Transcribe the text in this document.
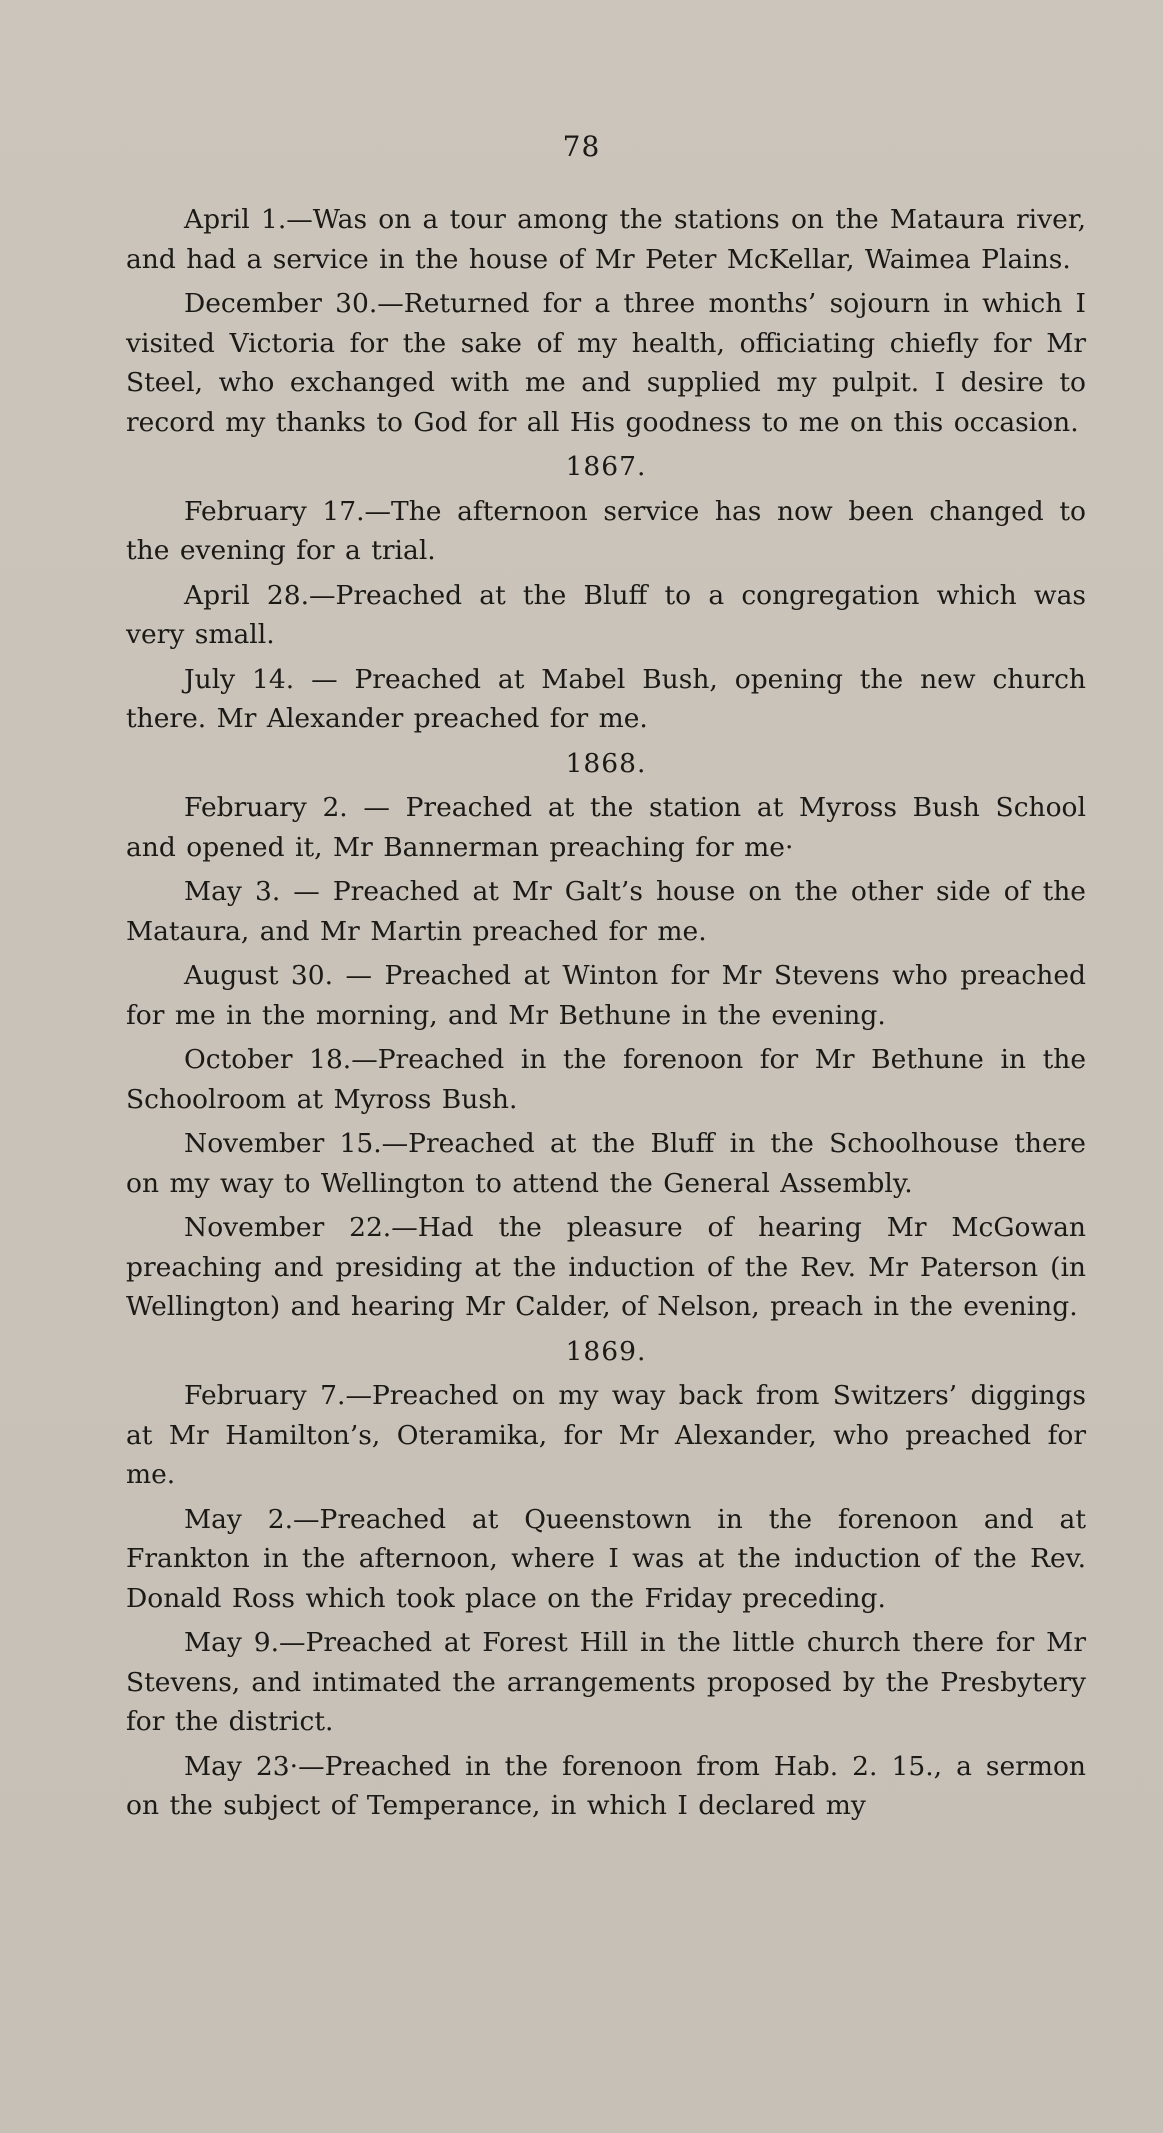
78

April 1.—Was on a tour among the stations on the Mataura river, and had a service in the house of Mr Peter McKellar, Waimea Plains.

December 30.—Returned for a three months’ sojourn in which I visited Victoria for the sake of my health, officiating chiefly for Mr Steel, who exchanged with me and supplied my pulpit. I desire to record my thanks to God for all His goodness to me on this occasion.

1867.

February 17.—The afternoon service has now been changed to the evening for a trial.

April 28.—Preached at the Bluff to a congregation which was very small.

July 14. — Preached at Mabel Bush, opening the new church there. Mr Alexander preached for me.

1868.

February 2. — Preached at the station at Myross Bush School and opened it, Mr Bannerman preaching for me·

May 3. — Preached at Mr Galt’s house on the other side of the Mataura, and Mr Martin preached for me.

August 30. — Preached at Winton for Mr Stevens who preached for me in the morning, and Mr Bethune in the evening.

October 18.—Preached in the forenoon for Mr Bethune in the Schoolroom at Myross Bush.

November 15.—Preached at the Bluff in the Schoolhouse there on my way to Wellington to attend the General Assembly.

November 22.—Had the pleasure of hearing Mr McGowan preaching and presiding at the induction of the Rev. Mr Paterson (in Wellington) and hearing Mr Calder, of Nelson, preach in the evening.

1869.

February 7.—Preached on my way back from Switzers’ diggings at Mr Hamilton’s, Oteramika, for Mr Alexander, who preached for me.

May 2.—Preached at Queenstown in the forenoon and at Frankton in the afternoon, where I was at the induction of the Rev. Donald Ross which took place on the Friday preceding.

May 9.—Preached at Forest Hill in the little church there for Mr Stevens, and intimated the arrangements proposed by the Presbytery for the district.

May 23·—Preached in the forenoon from Hab. 2. 15., a sermon on the subject of Temperance, in which I declared my
